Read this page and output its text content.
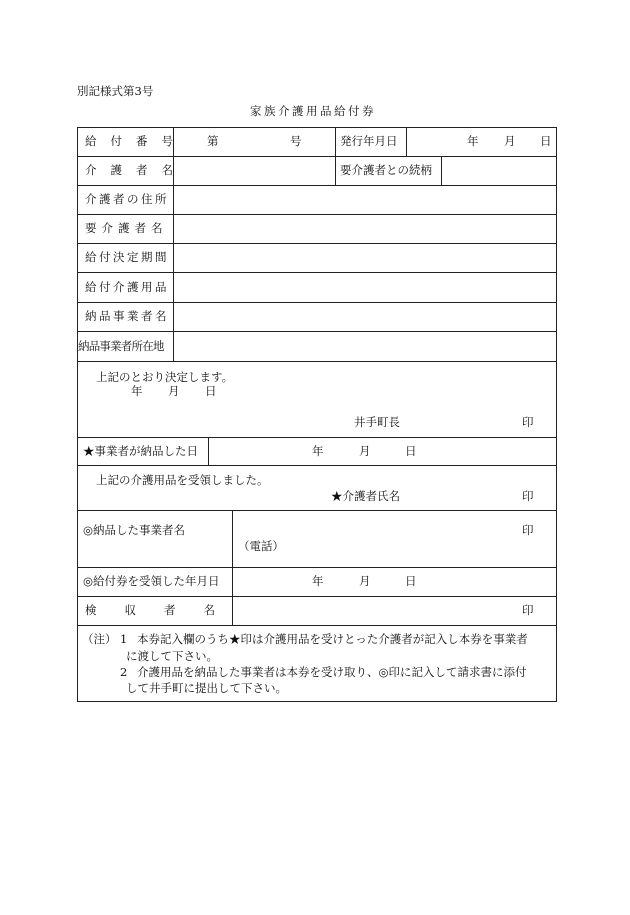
別記様式第3号
家族介護用品給付券
給付番号 第	号	発行年月日	年 月 日
介護者名	要介護者との続柄
介護者の住所
要介護者名
給付決定期間
給付介護用品
納品事業者名
納品事業者所在地
上記のとおり決定します。
年 月 日
井手町長	印
★事業者が納品した日	年	月	日
上記の介護用品を受領しました。
★介護者氏名	印
◎納品した事業者名	印
（電話）
◎給付券を受領した年月日	年	月	日
検収者名	印
（注） 1 本券記入欄のうち★印は介護用品を受けとった介護者が記入し本券を事業者
に渡して下さい。
2 介護用品を納品した事業者は本券を受け取り、◎印に記入して請求書に添付
して井手町に提出して下さい。
